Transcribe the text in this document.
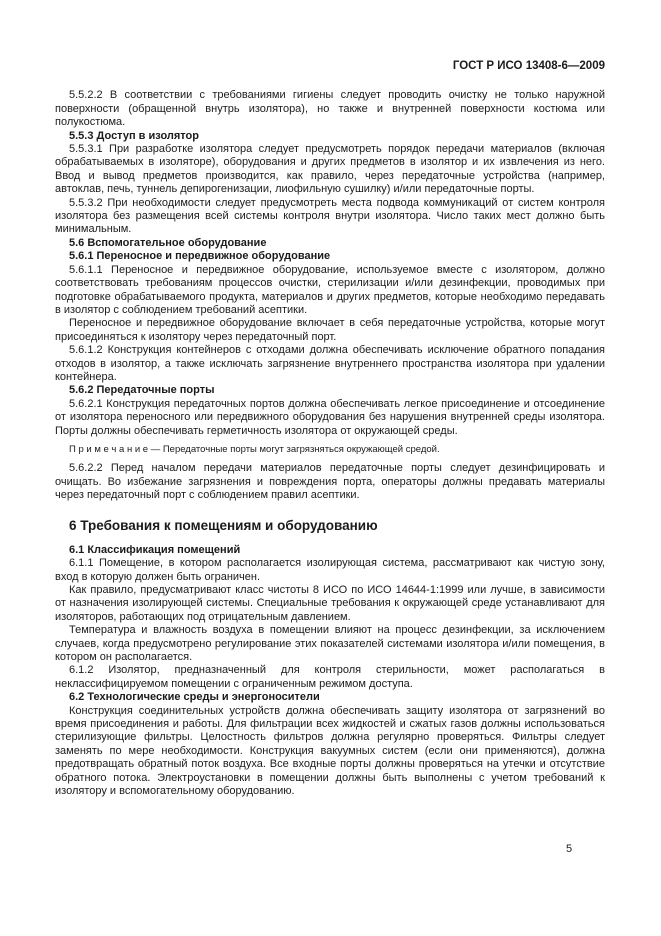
ГОСТ Р ИСО 13408-6—2009

5.5.2.2 В соответствии с требованиями гигиены следует проводить очистку не только наружной поверхности (обращенной внутрь изолятора), но также и внутренней поверхности костюма или полукостюма.

5.5.3 Доступ в изолятор

5.5.3.1 При разработке изолятора следует предусмотреть порядок передачи материалов (включая обрабатываемых в изоляторе), оборудования и других предметов в изолятор и их извлечения из него. Ввод и вывод предметов производится, как правило, через передаточные устройства (например, автоклав, печь, туннель депирогенизации, лиофильную сушилку) и/или передаточные порты.

5.5.3.2 При необходимости следует предусмотреть места подвода коммуникаций от систем контроля изолятора без размещения всей системы контроля внутри изолятора. Число таких мест должно быть минимальным.

5.6 Вспомогательное оборудование

5.6.1 Переносное и передвижное оборудование

5.6.1.1 Переносное и передвижное оборудование, используемое вместе с изолятором, должно соответствовать требованиям процессов очистки, стерилизации и/или дезинфекции, проводимых при подготовке обрабатываемого продукта, материалов и других предметов, которые необходимо передавать в изолятор с соблюдением требований асептики.

Переносное и передвижное оборудование включает в себя передаточные устройства, которые могут присоединяться к изолятору через передаточный порт.

5.6.1.2 Конструкция контейнеров с отходами должна обеспечивать исключение обратного попадания отходов в изолятор, а также исключать загрязнение внутреннего пространства изолятора при удалении контейнера.

5.6.2 Передаточные порты

5.6.2.1 Конструкция передаточных портов должна обеспечивать легкое присоединение и отсоединение от изолятора переносного или передвижного оборудования без нарушения внутренней среды изолятора. Порты должны обеспечивать герметичность изолятора от окружающей среды.

П р и м е ч а н и е — Передаточные порты могут загрязняться окружающей средой.

5.6.2.2 Перед началом передачи материалов передаточные порты следует дезинфицировать и очищать. Во избежание загрязнения и повреждения порта, операторы должны предавать материалы через передаточный порт с соблюдением правил асептики.

6 Требования к помещениям и оборудованию

6.1 Классификация помещений

6.1.1 Помещение, в котором располагается изолирующая система, рассматривают как чистую зону, вход в которую должен быть ограничен.

Как правило, предусматривают класс чистоты 8 ИСО по ИСО 14644-1:1999 или лучше, в зависимости от назначения изолирующей системы. Специальные требования к окружающей среде устанавливают для изоляторов, работающих под отрицательным давлением.

Температура и влажность воздуха в помещении влияют на процесс дезинфекции, за исключением случаев, когда предусмотрено регулирование этих показателей системами изолятора и/или помещения, в котором он располагается.

6.1.2 Изолятор, предназначенный для контроля стерильности, может располагаться в неклассифицируемом помещении с ограниченным режимом доступа.

6.2 Технологические среды и энергоносители

Конструкция соединительных устройств должна обеспечивать защиту изолятора от загрязнений во время присоединения и работы. Для фильтрации всех жидкостей и сжатых газов должны использоваться стерилизующие фильтры. Целостность фильтров должна регулярно проверяться. Фильтры следует заменять по мере необходимости. Конструкция вакуумных систем (если они применяются), должна предотвращать обратный поток воздуха. Все входные порты должны проверяться на утечки и отсутствие обратного потока. Электроустановки в помещении должны быть выполнены с учетом требований к изолятору и вспомогательному оборудованию.

5
